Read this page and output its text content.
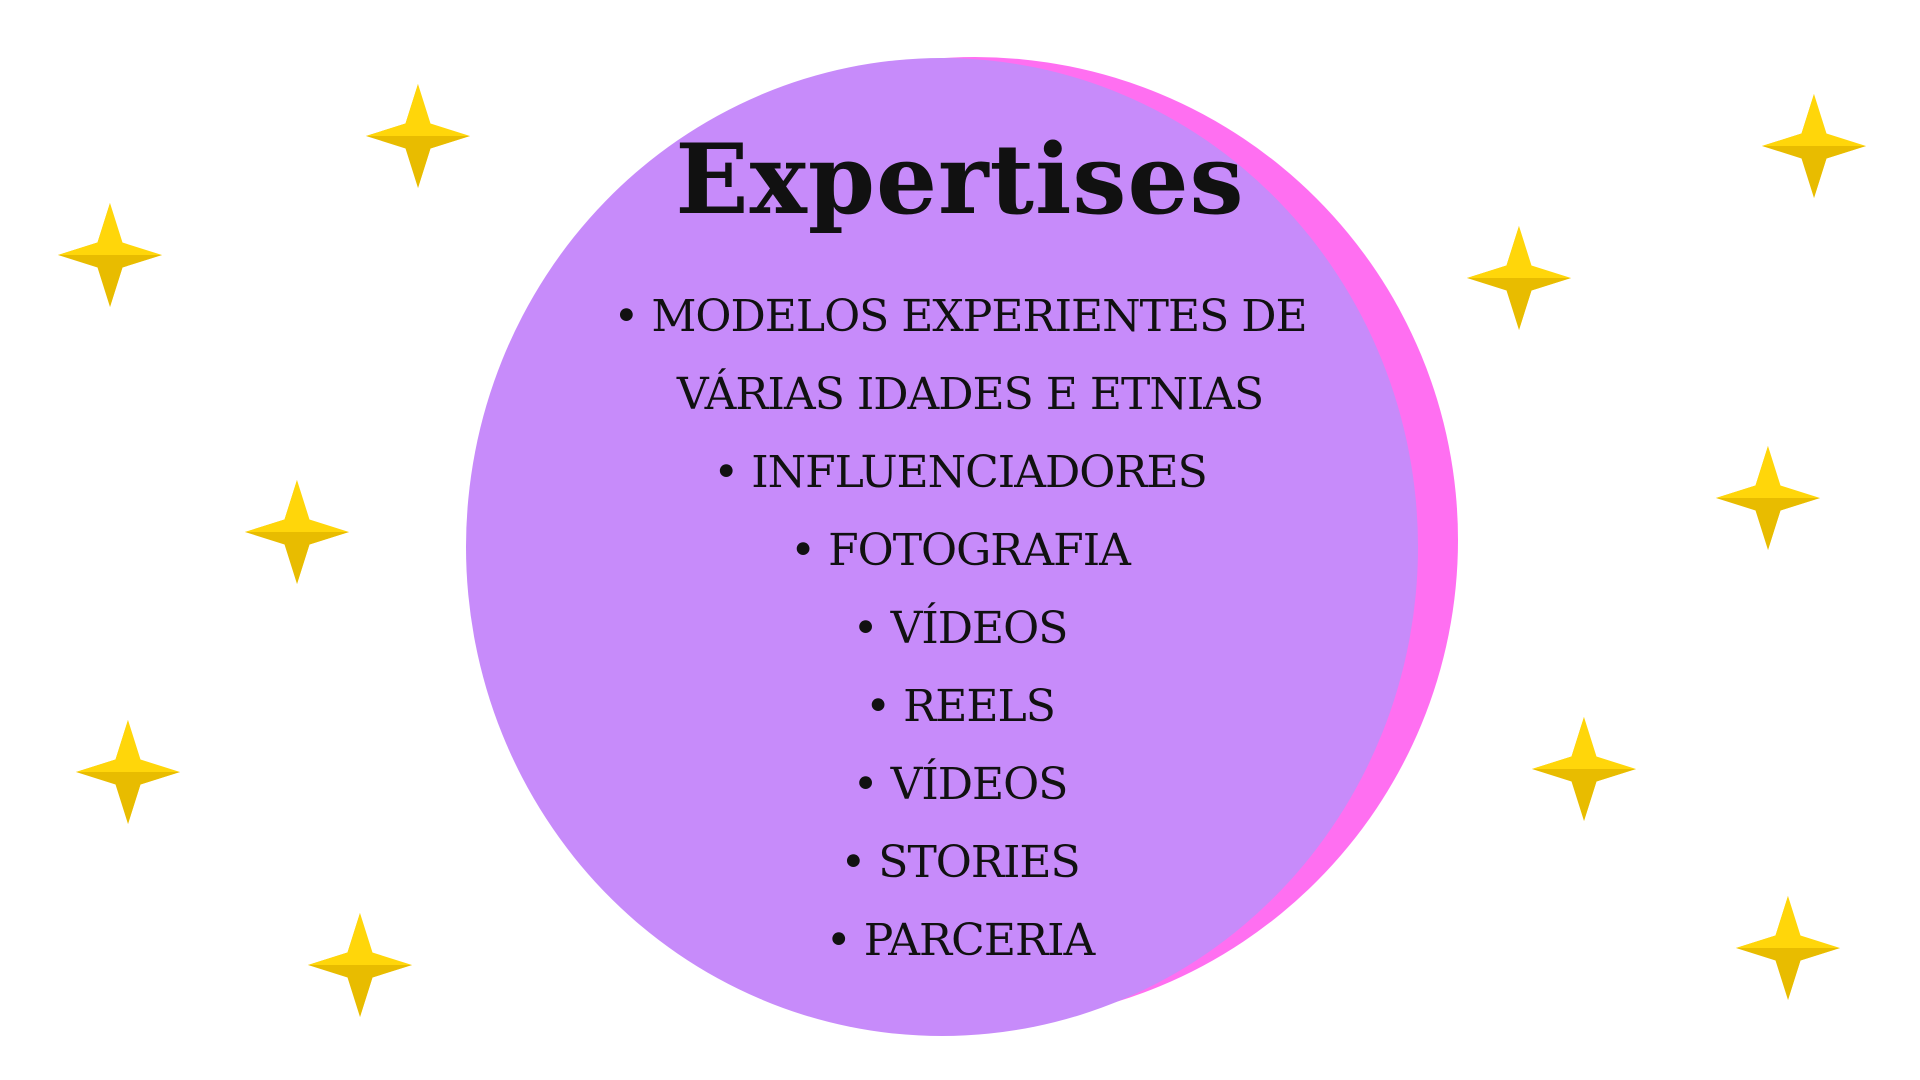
Expertises
• MODELOS EXPERIENTES DE
VÁRIAS IDADES E ETNIAS
• INFLUENCIADORES
• FOTOGRAFIA
• VÍDEOS
• REELS
• VÍDEOS
• STORIES
• PARCERIA
